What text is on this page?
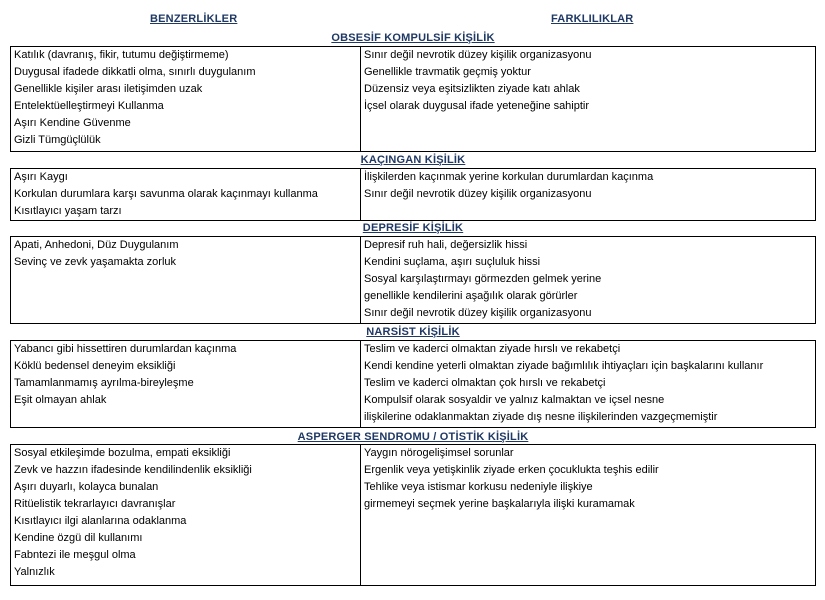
BENZERLİKLER	FARKLILIKLAR
OBSESİF KOMPULSİF KİŞİLİK
Katılık (davranış, fikir, tutumu değiştirmeme)
Duygusal ifadede dikkatli olma, sınırlı duygulanım
Genellikle kişiler arası iletişimden uzak
Entelektüelleştirmeyi Kullanma
Aşırı Kendine Güvenme
Gizli Tümgüçlülük
Sınır değil nevrotik düzey kişilik organizasyonu
Genellikle travmatik geçmiş yoktur
Düzensiz veya eşitsizlikten ziyade katı ahlak
İçsel olarak duygusal ifade yeteneğine sahiptir
KAÇINGAN KİŞİLİK
Aşırı Kaygı
Korkulan durumlara karşı savunma olarak kaçınmayı kullanma
Kısıtlayıcı yaşam tarzı
İlişkilerden kaçınmak yerine korkulan durumlardan kaçınma
Sınır değil nevrotik düzey kişilik organizasyonu
DEPRESİF KİŞİLİK
Apati, Anhedoni, Düz Duygulanım
Sevinç ve zevk yaşamakta zorluk
Depresif ruh hali, değersizlik hissi
Kendini suçlama, aşırı suçluluk hissi
Sosyal karşılaştırmayı görmezden gelmek yerine
genellikle kendilerini aşağılık olarak görürler
Sınır değil nevrotik düzey kişilik organizasyonu
NARSİST KİŞİLİK
Yabancı gibi hissettiren durumlardan kaçınma
Köklü bedensel deneyim eksikliği
Tamamlanmamış ayrılma-bireyleşme
Eşit olmayan ahlak
Teslim ve kaderci olmaktan ziyade hırslı ve rekabetçi
Kendi kendine yeterli olmaktan ziyade bağımlılık ihtiyaçları için başkalarını kullanır
Teslim ve kaderci olmaktan çok hırslı ve rekabetçi
Kompulsif olarak sosyaldir ve yalnız kalmaktan ve içsel nesne
ilişkilerine odaklanmaktan ziyade dış nesne ilişkilerinden vazgeçmemiştir
ASPERGER SENDROMU / OTİSTİK KİŞİLİK
Sosyal etkileşimde bozulma, empati eksikliği
Zevk ve hazzın ifadesinde kendilindenlik eksikliği
Aşırı duyarlı, kolayca bunalan
Ritüelistik tekrarlayıcı davranışlar
Kısıtlayıcı ilgi alanlarına odaklanma
Kendine özgü dil kullanımı
Fabntezi ile meşgul olma
Yalnızlık
Yaygın nörogelişimsel sorunlar
Ergenlik veya yetişkinlik ziyade erken çocuklukta teşhis edilir
Tehlike veya istismar korkusu nedeniyle ilişkiye
girmemeyi seçmek yerine başkalarıyla ilişki kuramamak
